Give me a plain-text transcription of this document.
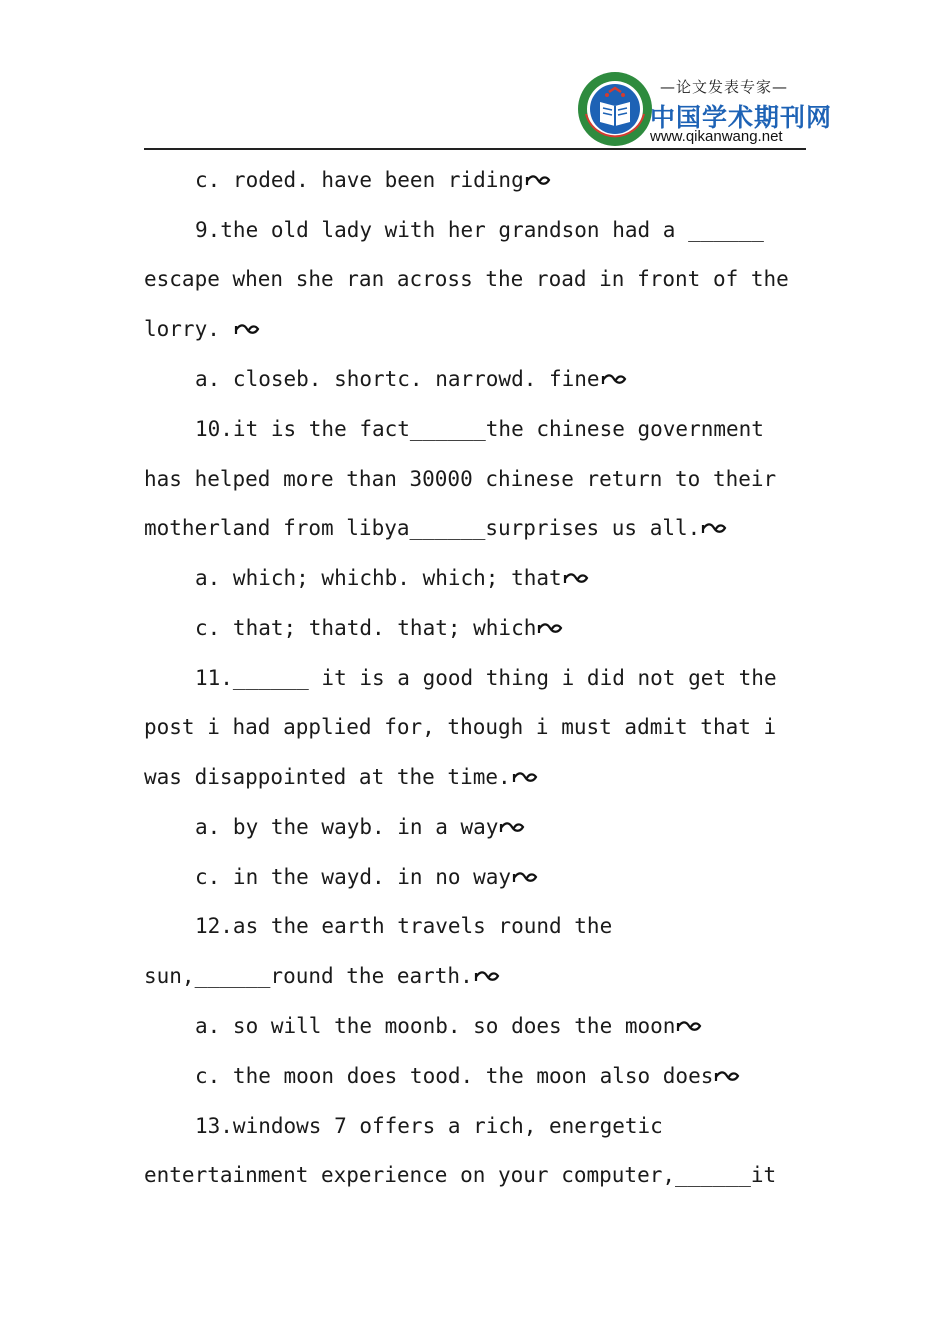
—论文发表专家—
中国学术期刊网
www.qikanwang.net
c. roded. have been riding
9.the old lady with her grandson had a ______
escape when she ran across the road in front of the
lorry.
a. closeb. shortc. narrowd. fine
10.it is the fact______the chinese government
has helped more than 30000 chinese return to their
motherland from libya______surprises us all.
a. which; whichb. which; that
c. that; thatd. that; which
11.______ it is a good thing i did not get the
post i had applied for, though i must admit that i
was disappointed at the time.
a. by the wayb. in a way
c. in the wayd. in no way
12.as the earth travels round the
sun,______round the earth.
a. so will the moonb. so does the moon
c. the moon does tood. the moon also does
13.windows 7 offers a rich, energetic
entertainment experience on your computer,______it
